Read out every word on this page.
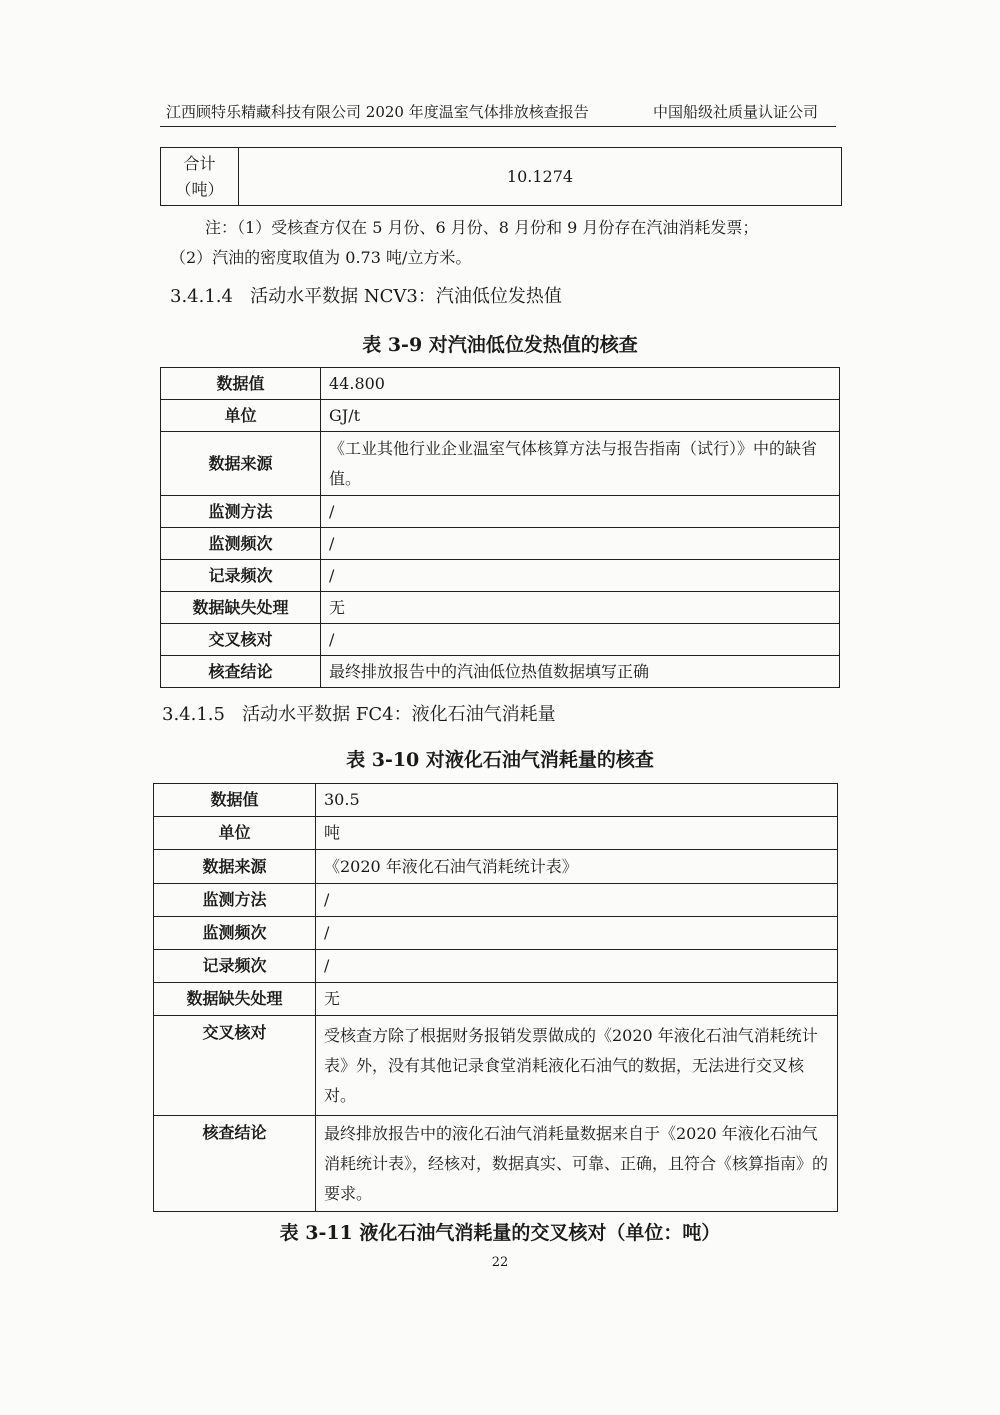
江西顾特乐精藏科技有限公司 2020 年度温室气体排放核查报告	中国船级社质量认证公司
合计
（吨）
	10.1274
注：（1）受核查方仅在 5 月份、6 月份、8 月份和 9 月份存在汽油消耗发票；
（2）汽油的密度取值为 0.73 吨/立方米。
3.4.1.4 活动水平数据 NCV3：汽油低位发热值
表 3-9 对汽油低位发热值的核查
数据值	44.800
单位	GJ/t
数据来源	《工业其他行业企业温室气体核算方法与报告指南（试行）》中的缺省值。
监测方法	/
监测频次	/
记录频次	/
数据缺失处理	无
交叉核对	/
核查结论	最终排放报告中的汽油低位热值数据填写正确
3.4.1.5 活动水平数据 FC4：液化石油气消耗量
表 3-10 对液化石油气消耗量的核查
数据值	30.5
单位	吨
数据来源	《2020 年液化石油气消耗统计表》
监测方法	/
监测频次	/
记录频次	/
数据缺失处理	无
交叉核对	受核查方除了根据财务报销发票做成的《2020 年液化石油气消耗统计表》外，没有其他记录食堂消耗液化石油气的数据，无法进行交叉核对。
核查结论	最终排放报告中的液化石油气消耗量数据来自于《2020 年液化石油气消耗统计表》，经核对，数据真实、可靠、正确，且符合《核算指南》的要求。
表 3-11 液化石油气消耗量的交叉核对（单位：吨）
22
